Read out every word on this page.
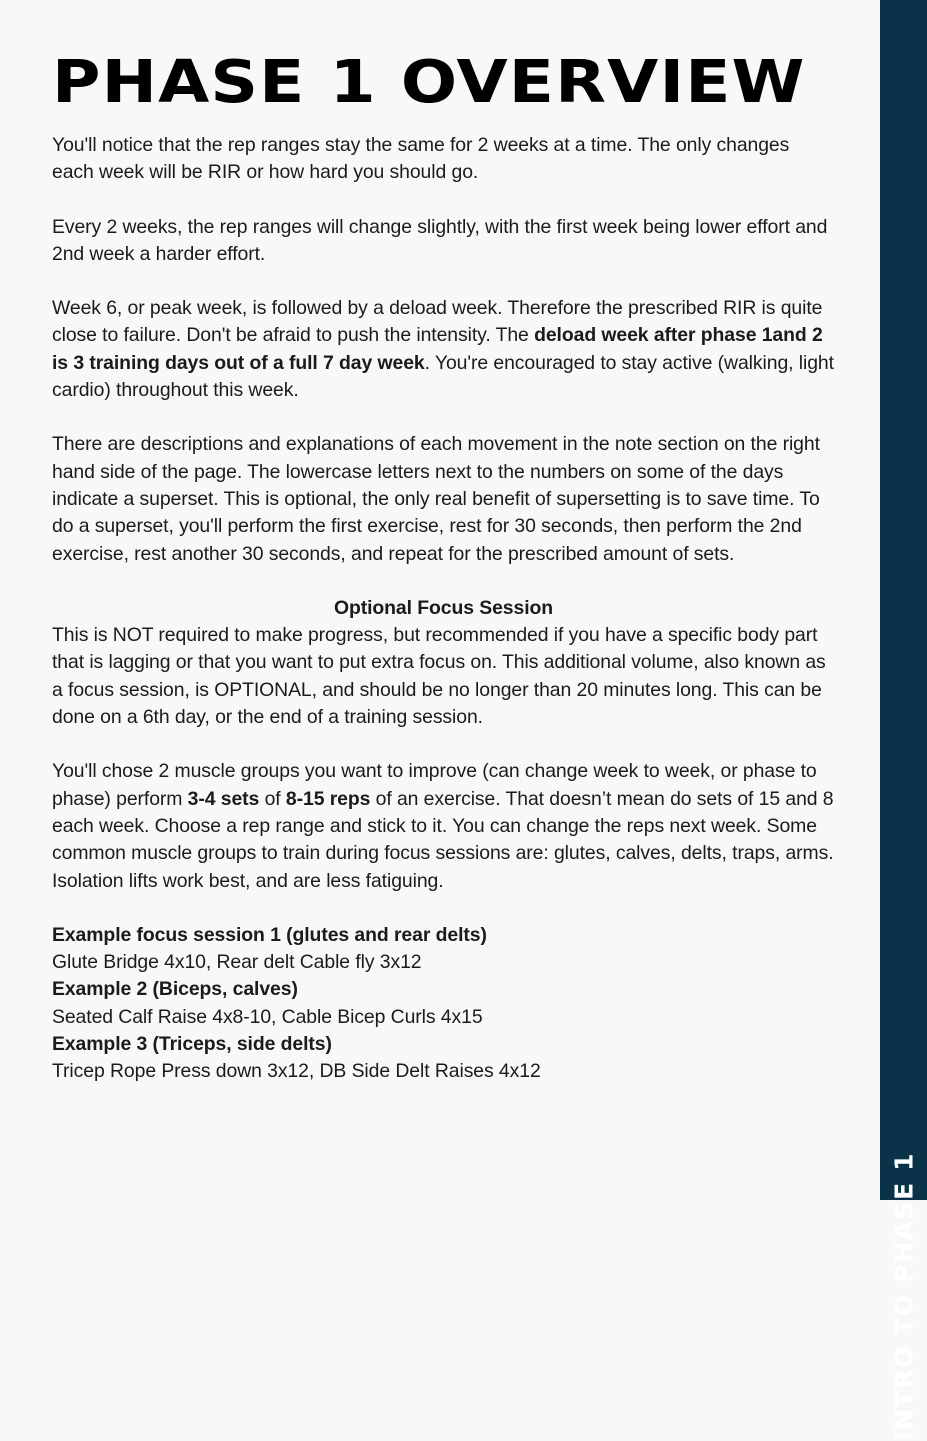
PHASE 1 OVERVIEW

You'll notice that the rep ranges stay the same for 2 weeks at a time. The only changes each week will be RIR or how hard you should go.

Every 2 weeks, the rep ranges will change slightly, with the first week being lower effort and 2nd week a harder effort.

Week 6, or peak week, is followed by a deload week. Therefore the prescribed RIR is quite close to failure. Don't be afraid to push the intensity. The deload week after phase 1and 2 is 3 training days out of a full 7 day week. You're encouraged to stay active (walking, light cardio) throughout this week.

There are descriptions and explanations of each movement in the note section on the right hand side of the page. The lowercase letters next to the numbers on some of the days indicate a superset. This is optional, the only real benefit of supersetting is to save time. To do a superset, you'll perform the first exercise, rest for 30 seconds, then perform the 2nd exercise, rest another 30 seconds, and repeat for the prescribed amount of sets.

Optional Focus Session

This is NOT required to make progress, but recommended if you have a specific body part that is lagging or that you want to put extra focus on. This additional volume, also known as a focus session, is OPTIONAL, and should be no longer than 20 minutes long. This can be done on a 6th day, or the end of a training session.

You'll chose 2 muscle groups you want to improve (can change week to week, or phase to phase) perform 3-4 sets of 8-15 reps of an exercise. That doesn’t mean do sets of 15 and 8 each week. Choose a rep range and stick to it. You can change the reps next week. Some common muscle groups to train during focus sessions are: glutes, calves, delts, traps, arms. Isolation lifts work best, and are less fatiguing.

Example focus session 1 (glutes and rear delts)
Glute Bridge 4x10, Rear delt Cable fly 3x12
Example 2 (Biceps, calves)
Seated Calf Raise 4x8-10, Cable Bicep Curls 4x15
Example 3 (Triceps, side delts)
Tricep Rope Press down 3x12, DB Side Delt Raises 4x12
INTRO TO PHASE 1
